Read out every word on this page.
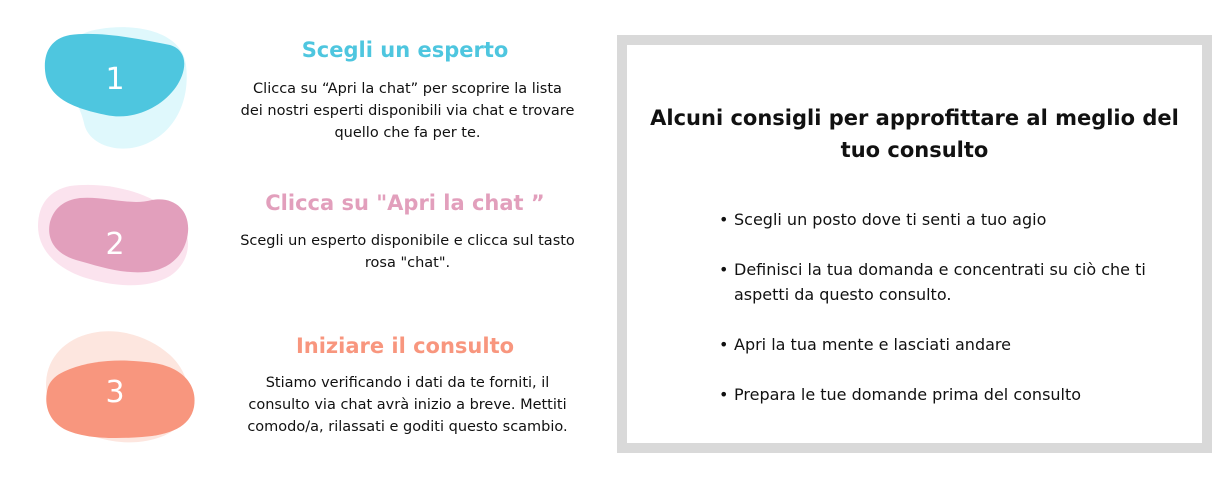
1
Scegli un esperto
Clicca su “Apri la chat” per scoprire la lista dei nostri esperti disponibili via chat e trovare quello che fa per te.
2
Clicca su "Apri la chat ”
Scegli un esperto disponibile e clicca sul tasto rosa "chat".
3
Iniziare il consulto
Stiamo verificando i dati da te forniti, il consulto via chat avrà inizio a breve. Mettiti comodo/a, rilassati e goditi questo scambio.
Alcuni consigli per approfittare al meglio del tuo consulto
• Scegli un posto dove ti senti a tuo agio
• Definisci la tua domanda e concentrati su ciò che ti aspetti da questo consulto.
• Apri la tua mente e lasciati andare
• Prepara le tue domande prima del consulto
